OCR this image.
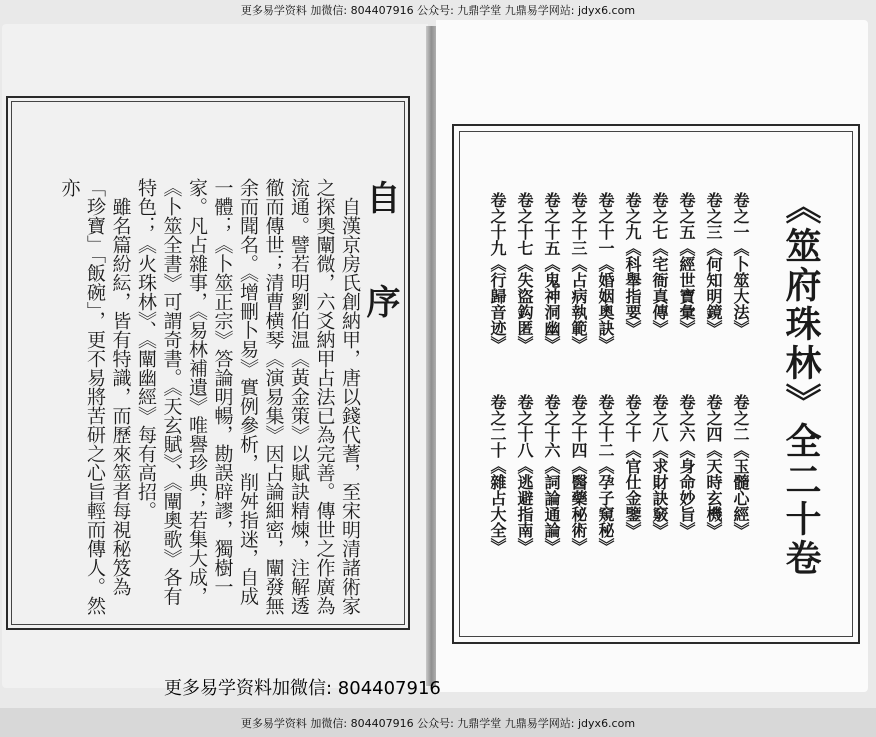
更多易学资料 加微信: 804407916 公众号: 九鼎学堂 九鼎易学网站: jdyx6.com
自序

自漢京房氏創納甲，唐以錢代蓍，至宋明清諸術家之探奧闡微，六爻納甲占法已為完善。傳世之作廣為流通。譬若明劉伯温《黃金策》以賦訣精煉，注解透徹而傳世；清曹横琴《演易集》因占論細密，闡發無余而聞名。《增刪卜易》實例參析，削舛指迷，自成一體；《卜筮正宗》答論明暢，勘誤辟謬，獨樹一家。凡占雜事，《易林補遺》唯譽珍典；若集大成，《卜筮全書》可謂奇書。《天玄賦》、《闡奧歌》各有特色；《火珠林》、《闡幽經》每有高招。

雖名篇紛紜，皆有特識，而歷來筮者每視秘笈為「珍寶」「飯碗」，更不易將苦研之心旨輕而傳人。然亦

更多易学资料加微信: 804407916
《筮府珠林》全二十卷
卷之一《卜筮大法》
卷之三《何知明鏡》
卷之五《經世寶彙》
卷之七《宅衙真傳》
卷之九《科舉指要》
卷之十一《婚姻奧訣》
卷之十三《占病執範》
卷之十五《鬼神洞幽》
卷之十七《失盜鈎匿》
卷之十九《行歸音迹》
卷之二《玉髓心經》
卷之四《天時玄機》
卷之六《身命妙旨》
卷之八《求財訣竅》
卷之十《官仕金鑒》
卷之十二《孕子窺秘》
卷之十四《醫藥秘術》
卷之十六《詞論通論》
卷之十八《逃避指南》
卷之二十《雜占大全》
更多易学资料 加微信: 804407916 公众号: 九鼎学堂 九鼎易学网站: jdyx6.com
